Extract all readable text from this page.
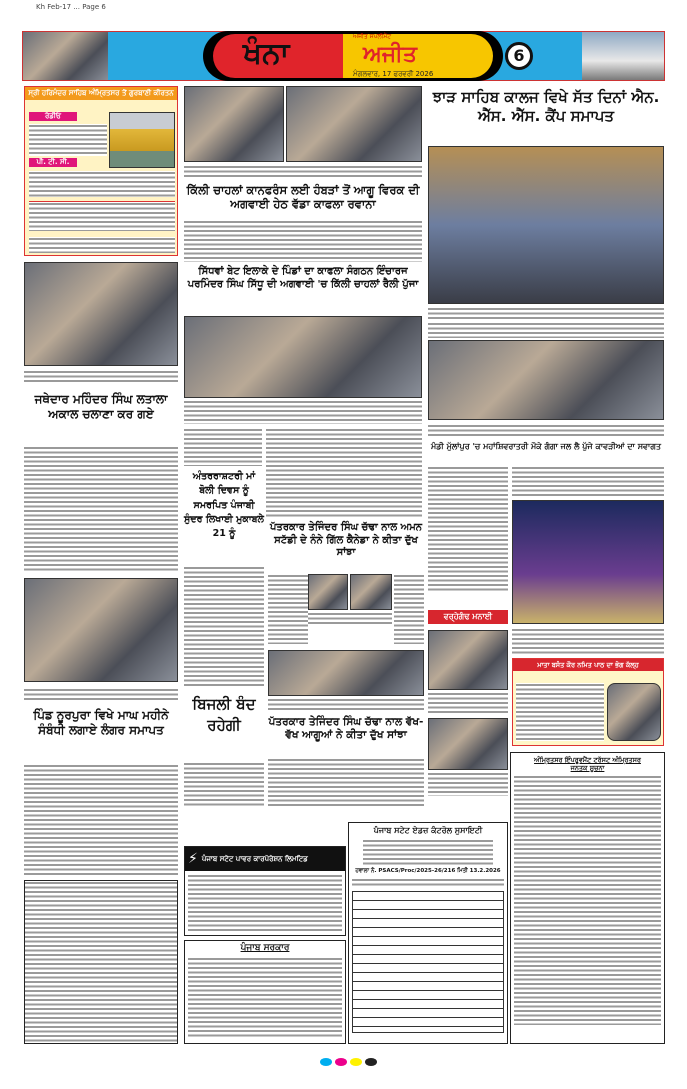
Kh Feb-17 ... Page 6
ਖੰਨਾ	ਅਜੀਤ ਸਪਲੀਮੈਂਟ
ਅਜੀਤ
ਮੰਗਲਵਾਰ, 17 ਫਰਵਰੀ 2026
6
ਸ੍ਰੀ ਹਰਿਮੰਦਰ ਸਾਹਿਬ ਅੰਮ੍ਰਿਤਸਰ ਤੋਂ ਗੁਰਬਾਣੀ ਕੀਰਤਨ
ਰੇਡੀਓ
ਪੀ. ਟੀ. ਸੀ.
ਜਥੇਦਾਰ ਮਹਿੰਦਰ ਸਿੰਘ ਲਤਾਲਾ ਅਕਾਲ ਚਲਾਣਾ ਕਰ ਗਏ
ਪਿੰਡ ਨੂਰਪੁਰਾ ਵਿਖੇ ਮਾਘ ਮਹੀਨੇ ਸੰਬੰਧੀ ਲਗਾਏ ਲੰਗਰ ਸਮਾਪਤ
ਕਿੱਲੀ ਚਾਹਲਾਂ ਕਾਨਫਰੰਸ ਲਈ ਹੰਬੜਾਂ ਤੋਂ ਆਗੂ ਵਿਰਕ ਦੀ ਅਗਵਾਈ ਹੇਠ ਵੱਡਾ ਕਾਫਲਾ ਰਵਾਨਾ
ਸਿੱਧਵਾਂ ਬੇਟ ਇਲਾਕੇ ਦੇ ਪਿੰਡਾਂ ਦਾ ਕਾਫਲਾ ਸੰਗਠਨ ਇੰਚਾਰਜ ਪਰਮਿੰਦਰ ਸਿੰਘ ਸਿੱਧੂ ਦੀ ਅਗਵਾਈ 'ਚ ਕਿੱਲੀ ਚਾਹਲਾਂ ਰੈਲੀ ਪੁੱਜਾ
ਅੰਤਰਰਾਸ਼ਟਰੀ ਮਾਂ ਬੋਲੀ ਦਿਵਸ ਨੂੰ ਸਮਰਪਿਤ ਪੰਜਾਬੀ ਸੁੰਦਰ ਲਿਖਾਈ ਮੁਕਾਬਲੇ 21 ਨੂੰ
ਪੱਤਰਕਾਰ ਤੇਜਿੰਦਰ ਸਿੰਘ ਚੱਢਾ ਨਾਲ ਅਮਨ ਸਟੱਡੀ ਦੇ ਨੰਨੇ ਗਿੱਲ ਕੈਨੇਡਾ ਨੇ ਕੀਤਾ ਦੁੱਖ ਸਾਂਝਾ
ਬਿਜਲੀ ਬੰਦ ਰਹੇਗੀ	ਪੱਤਰਕਾਰ ਤੇਜਿੰਦਰ ਸਿੰਘ ਚੱਢਾ ਨਾਲ ਵੱਖ-ਵੱਖ ਆਗੂਆਂ ਨੇ ਕੀਤਾ ਦੁੱਖ ਸਾਂਝਾ
⚡ ਪੰਜਾਬ ਸਟੇਟ ਪਾਵਰ ਕਾਰਪੋਰੇਸ਼ਨ ਲਿਮਟਿਡ
ਪੰਜਾਬ ਸਰਕਾਰ
ਪੰਜਾਬ ਸਟੇਟ ਏਡਜ਼ ਕੰਟਰੋਲ ਸੁਸਾਇਟੀ
ਹਵਾਲਾ ਨੰ. PSACS/Proc/2025-26/216 ਮਿਤੀ 13.2.2026
ਝਾੜ ਸਾਹਿਬ ਕਾਲਜ ਵਿਖੇ ਸੱਤ ਦਿਨਾਂ ਐਨ. ਐੱਸ. ਐੱਸ. ਕੈਂਪ ਸਮਾਪਤ
ਮੰਡੀ ਮੁੱਲਾਂਪੁਰ 'ਚ ਮਹਾਂਸ਼ਿਵਰਾਤਰੀ ਮੌਕੇ ਗੰਗਾ ਜਲ ਲੈ ਪੁੱਜੇ ਕਾਵੜੀਆਂ ਦਾ ਸਵਾਗਤ
ਵਰ੍ਹੇਗੰਢ ਮਨਾਈ
ਮਾਤਾ ਬਸੰਤ ਕੌਰ ਨਮਿਤ ਪਾਠ ਦਾ ਭੋਗ ਕੱਲ੍ਹ
ਅੰਮ੍ਰਿਤਸਰ ਇੰਪਰੂਵਮੈਂਟ ਟਰੱਸਟ ਅੰਮ੍ਰਿਤਸਰ
ਜਨਤਕ ਸੂਚਨਾ
